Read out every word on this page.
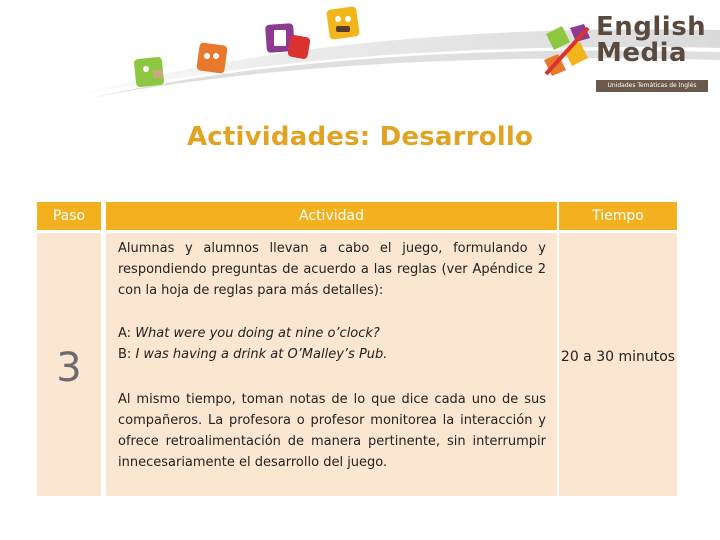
English
Media
Unidades Temáticas de Inglés
Actividades: Desarrollo
Paso	Actividad	Tiempo
3
Alumnas y alumnos llevan a cabo el juego, formulando y respondiendo preguntas de acuerdo a las reglas (ver Apéndice 2 con la hoja de reglas para más detalles):
A: What were you doing at nine o’clock?
B: I was having a drink at O’Malley’s Pub.
Al mismo tiempo, toman notas de lo que dice cada uno de sus compañeros. La profesora o profesor monitorea la interacción y ofrece retroalimentación de manera pertinente, sin interrumpir innecesariamente el desarrollo del juego.
20 a 30 minutos
